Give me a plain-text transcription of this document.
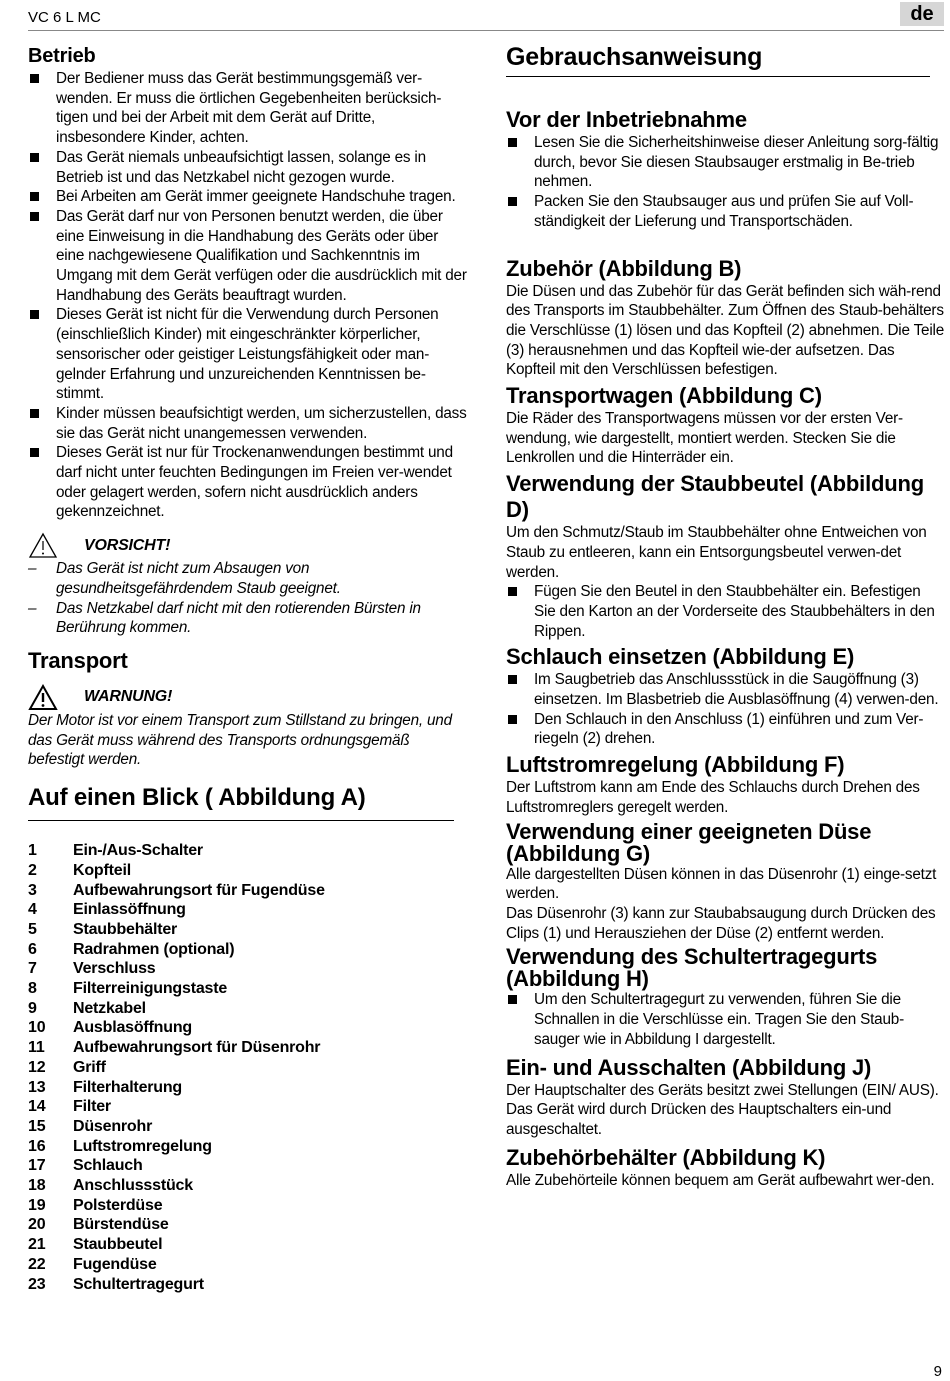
VC 6 L MC	de

Betrieb

Der Bediener muss das Gerät bestimmungsgemäß ver-wenden. Er muss die örtlichen Gegebenheiten berücksich-tigen und bei der Arbeit mit dem Gerät auf Dritte, insbesondere Kinder, achten.

Das Gerät niemals unbeaufsichtigt lassen, solange es in Betrieb ist und das Netzkabel nicht gezogen wurde.

Bei Arbeiten am Gerät immer geeignete Handschuhe tragen.

Das Gerät darf nur von Personen benutzt werden, die über eine Einweisung in die Handhabung des Geräts oder über eine nachgewiesene Qualifikation und Sachkenntnis im Umgang mit dem Gerät verfügen oder die ausdrücklich mit der Handhabung des Geräts beauftragt wurden.

Dieses Gerät ist nicht für die Verwendung durch Personen (einschließlich Kinder) mit eingeschränkter körperlicher, sensorischer oder geistiger Leistungsfähigkeit oder man-gelnder Erfahrung und unzureichenden Kenntnissen be-stimmt.

Kinder müssen beaufsichtigt werden, um sicherzustellen, dass sie das Gerät nicht unangemessen verwenden.

Dieses Gerät ist nur für Trockenanwendungen bestimmt und darf nicht unter feuchten Bedingungen im Freien ver-wendet oder gelagert werden, sofern nicht ausdrücklich anders gekennzeichnet.

VORSICHT!

– Das Gerät ist nicht zum Absaugen von gesundheitsgefährdendem Staub geeignet.

– Das Netzkabel darf nicht mit den rotierenden Bürsten in Berührung kommen.

Transport

WARNUNG!

Der Motor ist vor einem Transport zum Stillstand zu bringen, und das Gerät muss während des Transports ordnungsgemäß befestigt werden.

Auf einen Blick ( Abbildung A)

1	Ein-/Aus-Schalter
2	Kopfteil
3	Aufbewahrungsort für Fugendüse
4	Einlassöffnung
5	Staubbehälter
6	Radrahmen (optional)
7	Verschluss
8	Filterreinigungstaste
9	Netzkabel
10	Ausblasöffnung
11	Aufbewahrungsort für Düsenrohr
12	Griff
13	Filterhalterung
14	Filter
15	Düsenrohr
16	Luftstromregelung
17	Schlauch
18	Anschlussstück
19	Polsterdüse
20	Bürstendüse
21	Staubbeutel
22	Fugendüse
23	Schultertragegurt

Gebrauchsanweisung

Vor der Inbetriebnahme

Lesen Sie die Sicherheitshinweise dieser Anleitung sorg-fältig durch, bevor Sie diesen Staubsauger erstmalig in Be-trieb nehmen.

Packen Sie den Staubsauger aus und prüfen Sie auf Voll-ständigkeit der Lieferung und Transportschäden.

Zubehör (Abbildung B)

Die Düsen und das Zubehör für das Gerät befinden sich wäh-rend des Transports im Staubbehälter. Zum Öffnen des Staub-behälters die Verschlüsse (1) lösen und das Kopfteil (2) abnehmen. Die Teile (3) herausnehmen und das Kopfteil wie-der aufsetzen. Das Kopfteil mit den Verschlüssen befestigen.

Transportwagen (Abbildung C)

Die Räder des Transportwagens müssen vor der ersten Ver-wendung, wie dargestellt, montiert werden. Stecken Sie die Lenkrollen und die Hinterräder ein.

Verwendung der Staubbeutel (Abbildung D)

Um den Schmutz/Staub im Staubbehälter ohne Entweichen von Staub zu entleeren, kann ein Entsorgungsbeutel verwen-det werden.

Fügen Sie den Beutel in den Staubbehälter ein. Befestigen Sie den Karton an der Vorderseite des Staubbehälters in den Rippen.

Schlauch einsetzen (Abbildung E)

Im Saugbetrieb das Anschlussstück in die Saugöffnung (3) einsetzen. Im Blasbetrieb die Ausblasöffnung (4) verwen-den.

Den Schlauch in den Anschluss (1) einführen und zum Ver-riegeln (2) drehen.

Luftstromregelung (Abbildung F)

Der Luftstrom kann am Ende des Schlauchs durch Drehen des Luftstromreglers geregelt werden.

Verwendung einer geeigneten Düse

(Abbildung G)

Alle dargestellten Düsen können in das Düsenrohr (1) einge-setzt werden.

Das Düsenrohr (3) kann zur Staubabsaugung durch Drücken des Clips (1) und Herausziehen der Düse (2) entfernt werden.

Verwendung des Schultertragegurts

(Abbildung H)

Um den Schultertragegurt zu verwenden, führen Sie die Schnallen in die Verschlüsse ein. Tragen Sie den Staub-sauger wie in Abbildung I dargestellt.

Ein- und Ausschalten (Abbildung J)

Der Hauptschalter des Geräts besitzt zwei Stellungen (EIN/ AUS). Das Gerät wird durch Drücken des Hauptschalters ein-und ausgeschaltet.

Zubehörbehälter (Abbildung K)

Alle Zubehörteile können bequem am Gerät aufbewahrt wer-den.

9
